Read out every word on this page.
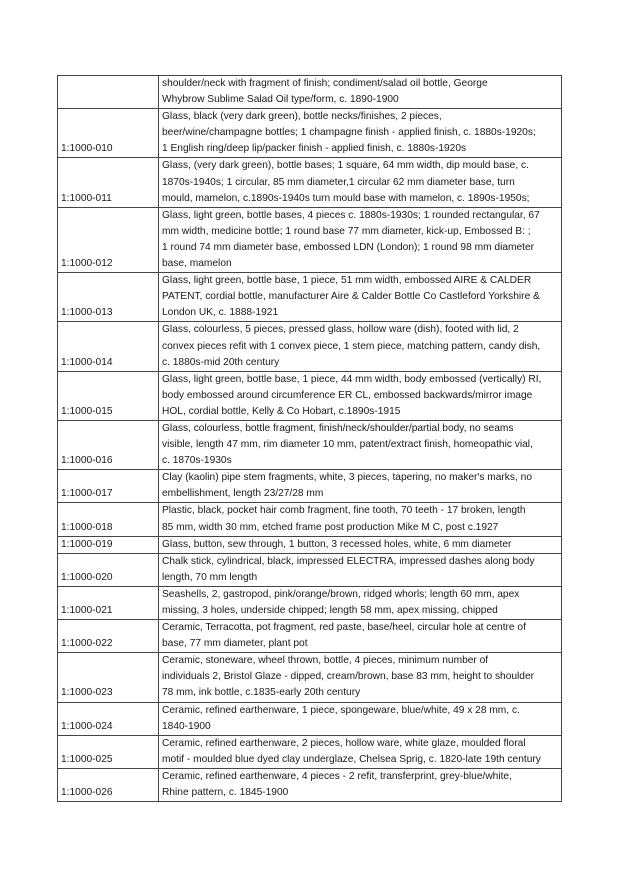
	shoulder/neck with fragment of finish; condiment/salad oil bottle, George
Whybrow Sublime Salad Oil type/form, c. 1890-1900

1:1000-010	Glass, black (very dark green), bottle necks/finishes, 2 pieces,
beer/wine/champagne bottles; 1 champagne finish - applied finish, c. 1880s-1920s;
1 English ring/deep lip/packer finish - applied finish, c. 1880s-1920s

1:1000-011	Glass, (very dark green), bottle bases; 1 square, 64 mm width, dip mould base, c.
1870s-1940s; 1 circular, 85 mm diameter,1 circular 62 mm diameter base, turn
mould, mamelon, c.1890s-1940s turn mould base with mamelon, c. 1890s-1950s;

1:1000-012	Glass, light green, bottle bases, 4 pieces c. 1880s-1930s; 1 rounded rectangular, 67
mm width, medicine bottle; 1 round base 77 mm diameter, kick-up, Embossed B: ;
1 round 74 mm diameter base, embossed LDN (London); 1 round 98 mm diameter
base, mamelon

1:1000-013	Glass, light green, bottle base, 1 piece, 51 mm width, embossed AIRE & CALDER
PATENT, cordial bottle, manufacturer Aire & Calder Bottle Co Castleford Yorkshire &
London UK, c. 1888-1921

1:1000-014	Glass, colourless, 5 pieces, pressed glass, hollow ware (dish), footed with lid, 2
convex pieces refit with 1 convex piece, 1 stem piece, matching pattern, candy dish,
c. 1880s-mid 20th century

1:1000-015	Glass, light green, bottle base, 1 piece, 44 mm width, body embossed (vertically) RI,
body embossed around circumference ER CL, embossed backwards/mirror image
HOL, cordial bottle, Kelly & Co Hobart, c.1890s-1915

1:1000-016	Glass, colourless, bottle fragment, finish/neck/shoulder/partial body, no seams
visible, length 47 mm, rim diameter 10 mm, patent/extract finish, homeopathic vial,
c. 1870s-1930s

1:1000-017	Clay (kaolin) pipe stem fragments, white, 3 pieces, tapering, no maker's marks, no
embellishment, length 23/27/28 mm

1:1000-018	Plastic, black, pocket hair comb fragment, fine tooth, 70 teeth - 17 broken, length
85 mm, width 30 mm, etched frame post production Mike M C, post c.1927

1:1000-019	Glass, button, sew through, 1 button, 3 recessed holes, white, 6 mm diameter

1:1000-020	Chalk stick, cylindrical, black, impressed ELECTRA, impressed dashes along body
length, 70 mm length

1:1000-021	Seashells, 2, gastropod, pink/orange/brown, ridged whorls; length 60 mm, apex
missing, 3 holes, underside chipped; length 58 mm, apex missing, chipped

1:1000-022	Ceramic, Terracotta, pot fragment, red paste, base/heel, circular hole at centre of
base, 77 mm diameter, plant pot

1:1000-023	Ceramic, stoneware, wheel thrown, bottle, 4 pieces, minimum number of
individuals 2, Bristol Glaze - dipped, cream/brown, base 83 mm, height to shoulder
78 mm, ink bottle, c.1835-early 20th century

1:1000-024	Ceramic, refined earthenware, 1 piece, spongeware, blue/white, 49 x 28 mm, c.
1840-1900

1:1000-025	Ceramic, refined earthenware, 2 pieces, hollow ware, white glaze, moulded floral
motif - moulded blue dyed clay underglaze, Chelsea Sprig, c. 1820-late 19th century

1:1000-026	Ceramic, refined earthenware, 4 pieces - 2 refit, transferprint, grey-blue/white,
Rhine pattern, c. 1845-1900
